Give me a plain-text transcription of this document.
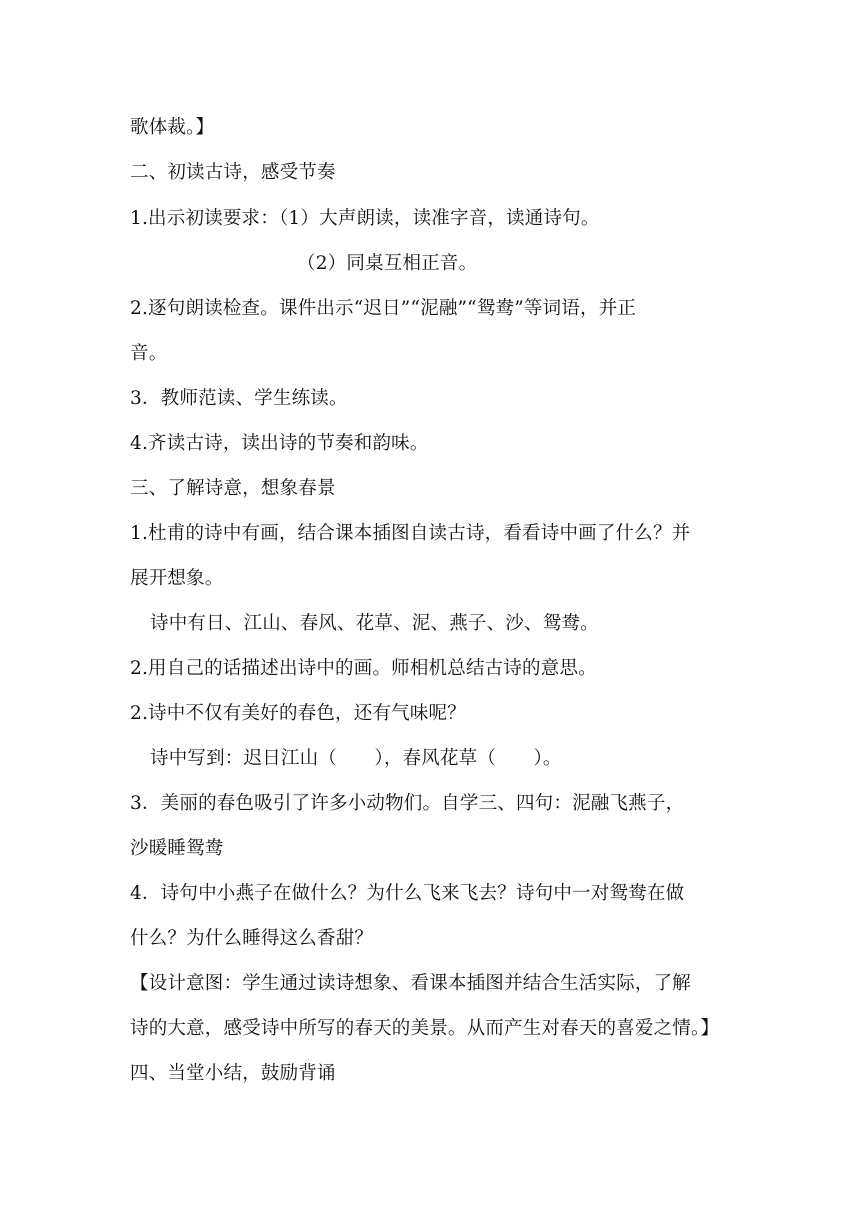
歌体裁。】
二、初读古诗，感受节奏
1.出示初读要求：（1）大声朗读，读准字音，读通诗句。
（2）同桌互相正音。
2.逐句朗读检查。课件出示“迟日”“泥融”“鸳鸯”等词语，并正
音。
3．教师范读、学生练读。
4.齐读古诗，读出诗的节奏和韵味。
三、了解诗意，想象春景
1.杜甫的诗中有画，结合课本插图自读古诗，看看诗中画了什么？并
展开想象。
诗中有日、江山、春风、花草、泥、燕子、沙、鸳鸯。
2.用自己的话描述出诗中的画。师相机总结古诗的意思。
2.诗中不仅有美好的春色，还有气味呢？
诗中写到：迟日江山（　　），春风花草（　　）。
3．美丽的春色吸引了许多小动物们。自学三、四句：泥融飞燕子，
沙暖睡鸳鸯
4．诗句中小燕子在做什么？为什么飞来飞去？诗句中一对鸳鸯在做
什么？为什么睡得这么香甜？
【设计意图：学生通过读诗想象、看课本插图并结合生活实际，了解
诗的大意，感受诗中所写的春天的美景。从而产生对春天的喜爱之情。】
四、当堂小结，鼓励背诵
